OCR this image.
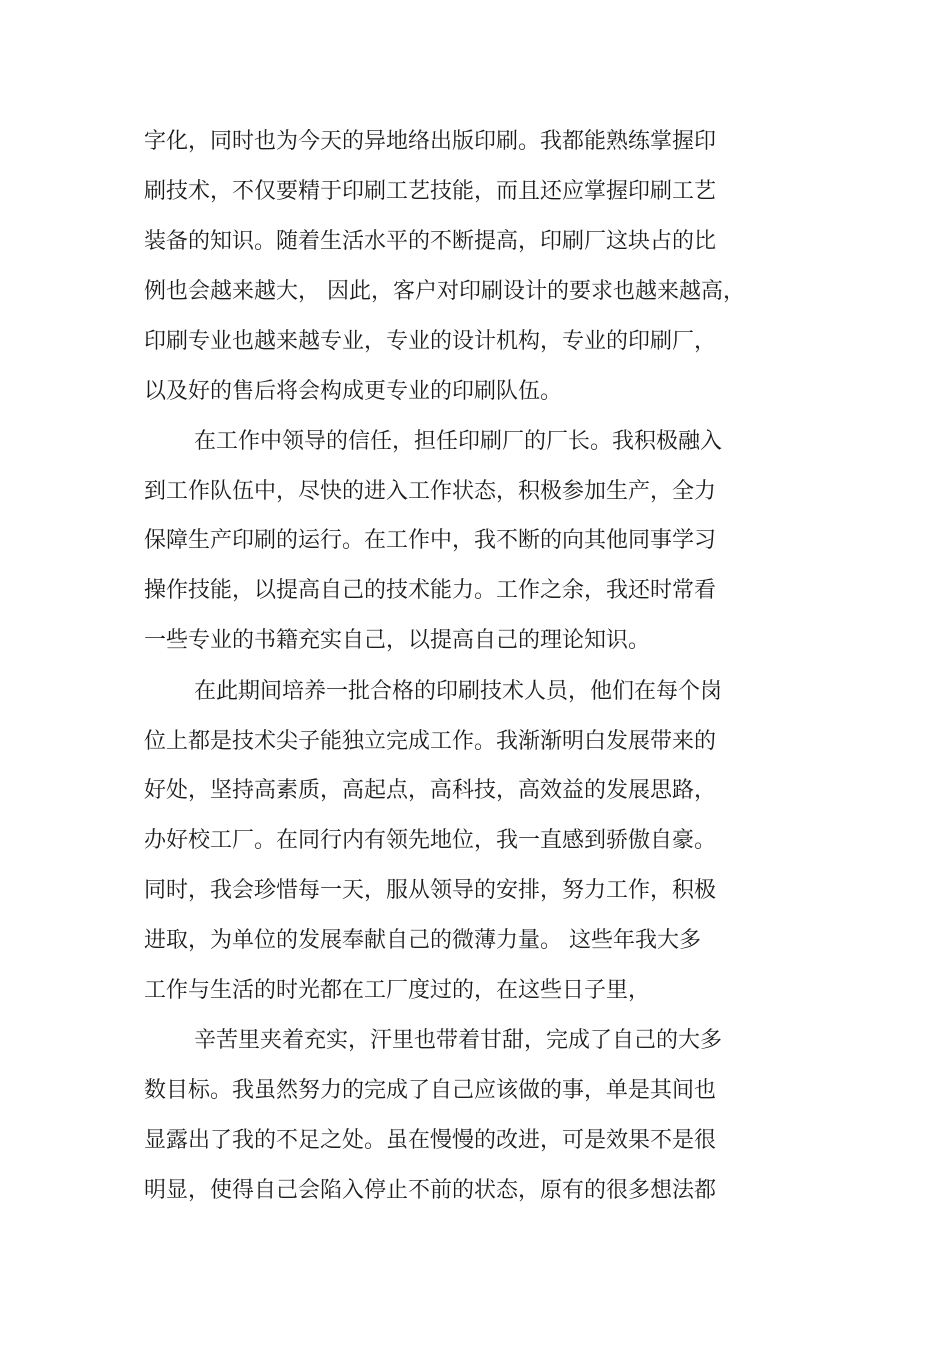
字化，同时也为今天的异地络出版印刷。我都能熟练掌握印
刷技术，不仅要精于印刷工艺技能，而且还应掌握印刷工艺
装备的知识。随着生活水平的不断提高，印刷厂这块占的比
例也会越来越大， 因此，客户对印刷设计的要求也越来越高，
印刷专业也越来越专业，专业的设计机构，专业的印刷厂，
以及好的售后将会构成更专业的印刷队伍。
在工作中领导的信任，担任印刷厂的厂长。我积极融入
到工作队伍中，尽快的进入工作状态，积极参加生产，全力
保障生产印刷的运行。在工作中，我不断的向其他同事学习
操作技能，以提高自己的技术能力。工作之余，我还时常看
一些专业的书籍充实自己，以提高自己的理论知识。
在此期间培养一批合格的印刷技术人员，他们在每个岗
位上都是技术尖子能独立完成工作。我渐渐明白发展带来的
好处，坚持高素质，高起点，高科技，高效益的发展思路，
办好校工厂。在同行内有领先地位，我一直感到骄傲自豪。
同时，我会珍惜每一天，服从领导的安排，努力工作，积极
进取，为单位的发展奉献自己的微薄力量。 这些年我大多
工作与生活的时光都在工厂度过的，在这些日子里，
辛苦里夹着充实，汗里也带着甘甜，完成了自己的大多
数目标。我虽然努力的完成了自己应该做的事，单是其间也
显露出了我的不足之处。虽在慢慢的改进，可是效果不是很
明显，使得自己会陷入停止不前的状态，原有的很多想法都
